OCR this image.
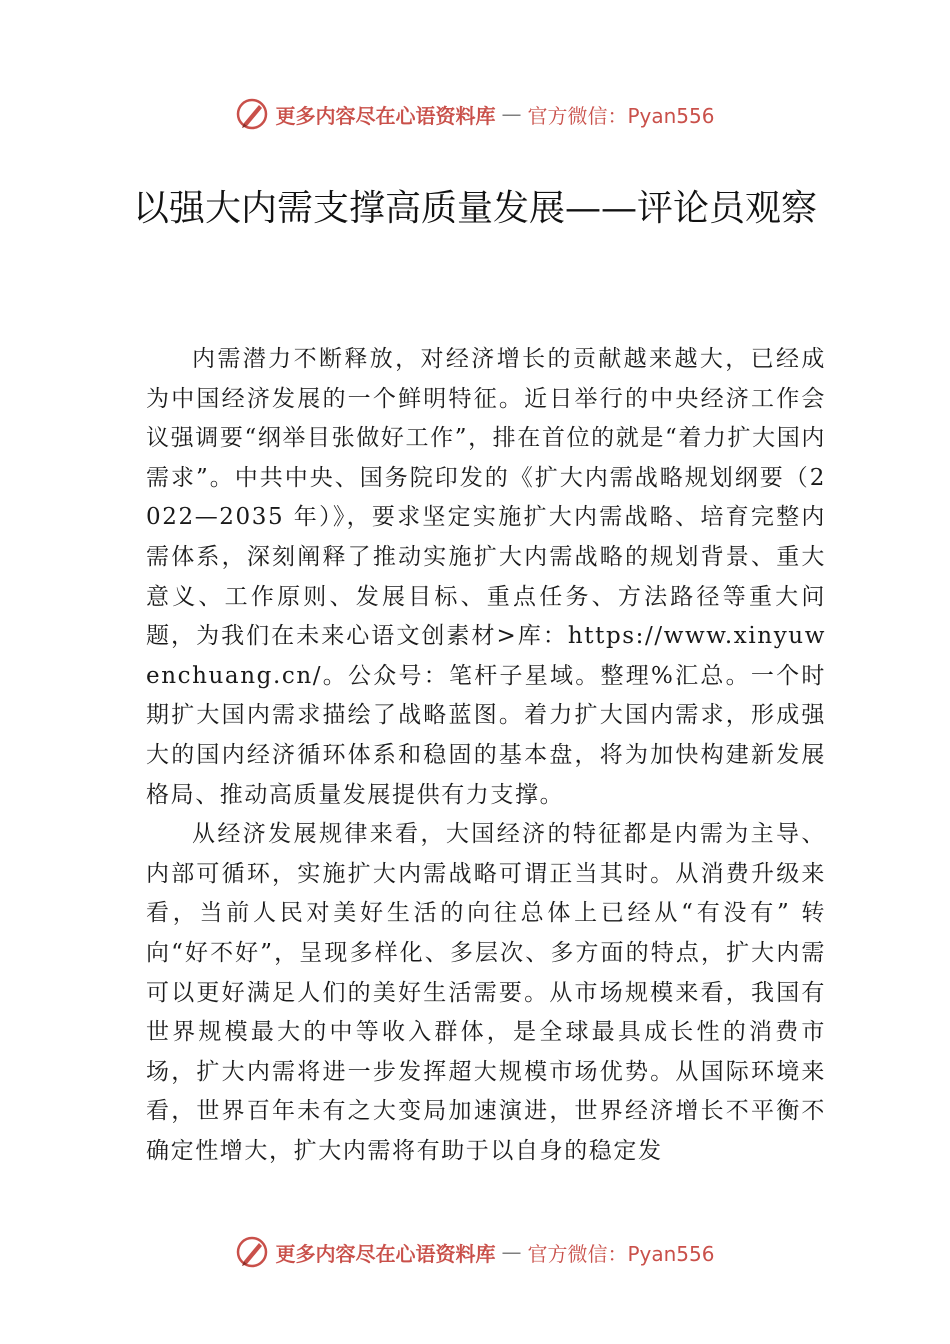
更多内容尽在心语资料库 — 官方微信：Pyan556
以强大内需支撑高质量发展——评论员观察

内需潜力不断释放，对经济增长的贡献越来越大，已经成为中国经济发展的一个鲜明特征。近日举行的中央经济工作会议强调要“纲举目张做好工作”，排在首位的就是“着力扩大国内需求”。中共中央、国务院印发的《扩大内需战略规划纲要（2022—2035 年）》，要求坚定实施扩大内需战略、培育完整内需体系，深刻阐释了推动实施扩大内需战略的规划背景、重大意义、工作原则、发展目标、重点任务、方法路径等重大问题，为我们在未来心语文创素材>库：https://www.xinyuwenchuang.cn/。公众号：笔杆子星域。整理%汇总。一个时期扩大国内需求描绘了战略蓝图。着力扩大国内需求，形成强大的国内经济循环体系和稳固的基本盘，将为加快构建新发展格局、推动高质量发展提供有力支撑。

从经济发展规律来看，大国经济的特征都是内需为主导、内部可循环，实施扩大内需战略可谓正当其时。从消费升级来看，当前人民对美好生活的向往总体上已经从“有没有” 转向“好不好”，呈现多样化、多层次、多方面的特点，扩大内需可以更好满足人们的美好生活需要。从市场规模来看，我国有世界规模最大的中等收入群体，是全球最具成长性的消费市场，扩大内需将进一步发挥超大规模市场优势。从国际环境来看，世界百年未有之大变局加速演进，世界经济增长不平衡不确定性增大，扩大内需将有助于以自身的稳定发

更多内容尽在心语资料库 — 官方微信：Pyan556
